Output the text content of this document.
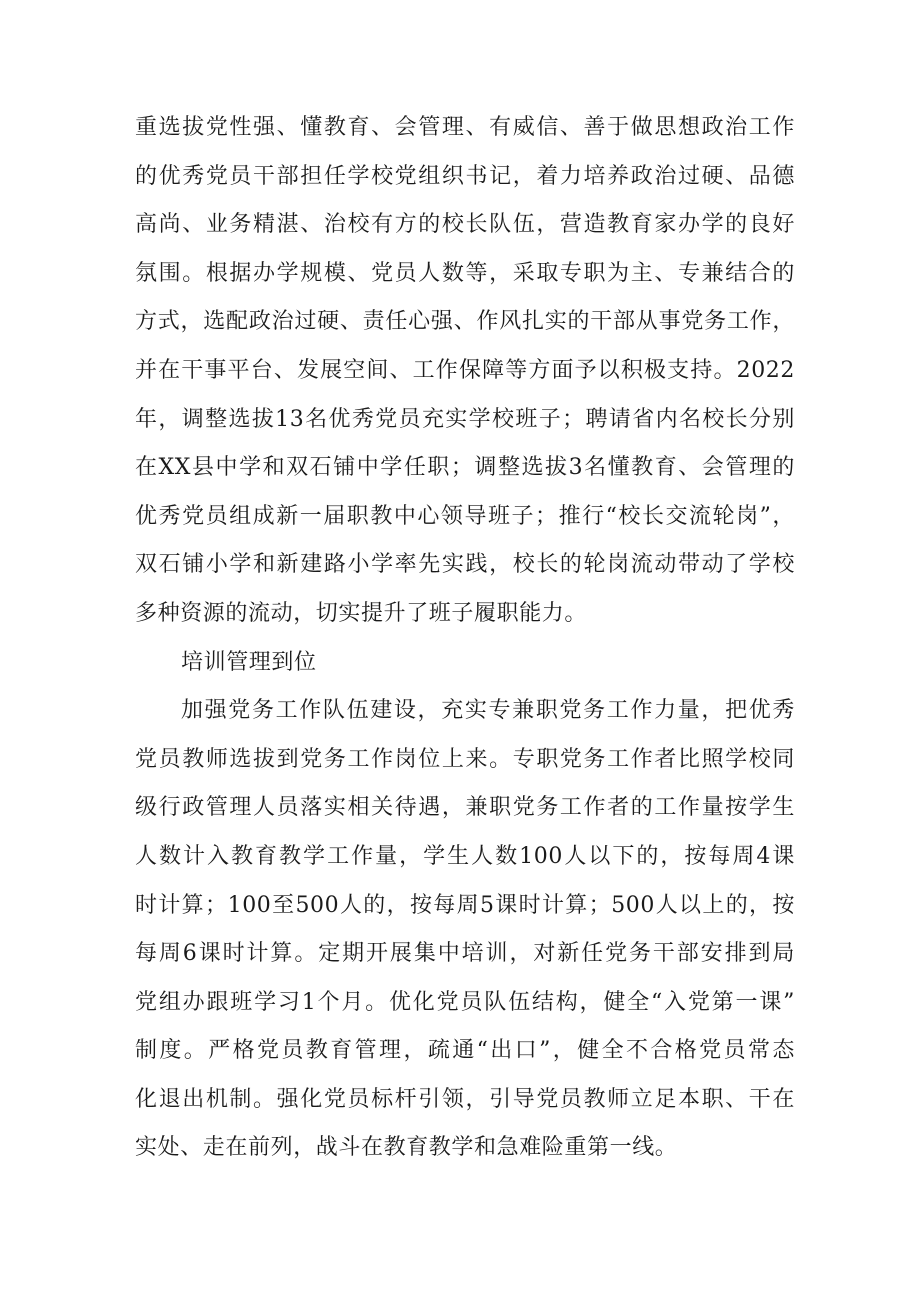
重选拔党性强、懂教育、会管理、有威信、善于做思想政治工作
的优秀党员干部担任学校党组织书记，着力培养政治过硬、品德
高尚、业务精湛、治校有方的校长队伍，营造教育家办学的良好
氛围。根据办学规模、党员人数等，采取专职为主、专兼结合的
方式，选配政治过硬、责任心强、作风扎实的干部从事党务工作，
并在干事平台、发展空间、工作保障等方面予以积极支持。2022
年，调整选拔13名优秀党员充实学校班子；聘请省内名校长分别
在XX县中学和双石铺中学任职；调整选拔3名懂教育、会管理的
优秀党员组成新一届职教中心领导班子；推行“校长交流轮岗”，
双石铺小学和新建路小学率先实践，校长的轮岗流动带动了学校
多种资源的流动，切实提升了班子履职能力。

培训管理到位

加强党务工作队伍建设，充实专兼职党务工作力量，把优秀
党员教师选拔到党务工作岗位上来。专职党务工作者比照学校同
级行政管理人员落实相关待遇，兼职党务工作者的工作量按学生
人数计入教育教学工作量，学生人数100人以下的，按每周4课
时计算；100至500人的，按每周5课时计算；500人以上的，按
每周6课时计算。定期开展集中培训，对新任党务干部安排到局
党组办跟班学习1个月。优化党员队伍结构，健全“入党第一课”
制度。严格党员教育管理，疏通“出口”，健全不合格党员常态
化退出机制。强化党员标杆引领，引导党员教师立足本职、干在
实处、走在前列，战斗在教育教学和急难险重第一线。
